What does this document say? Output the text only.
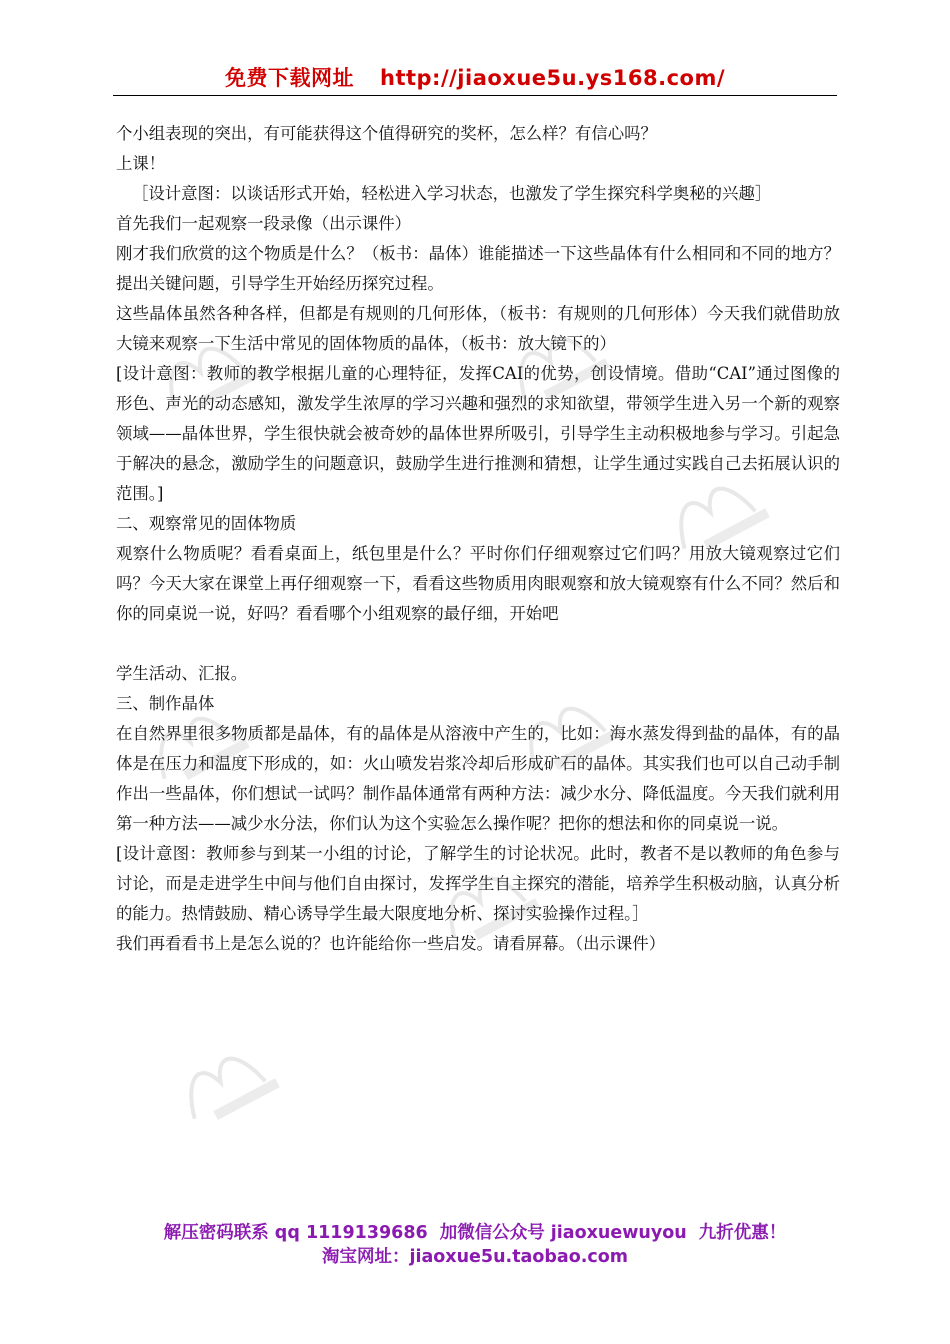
免费下载网址 http://jiaoxue5u.ys168.com/

个小组表现的突出，有可能获得这个值得研究的奖杯，怎么样？有信心吗？

上课！

［设计意图：以谈话形式开始，轻松进入学习状态，也激发了学生探究科学奥秘的兴趣］

首先我们一起观察一段录像（出示课件）

刚才我们欣赏的这个物质是什么？（板书：晶体）谁能描述一下这些晶体有什么相同和不同的地方？提出关键问题，引导学生开始经历探究过程。

这些晶体虽然各种各样，但都是有规则的几何形体，（板书：有规则的几何形体）今天我们就借助放大镜来观察一下生活中常见的固体物质的晶体，（板书：放大镜下的）

[设计意图：教师的教学根据儿童的心理特征，发挥CAI的优势，创设情境。借助“CAI”通过图像的形色、声光的动态感知，激发学生浓厚的学习兴趣和强烈的求知欲望，带领学生进入另一个新的观察领域——晶体世界，学生很快就会被奇妙的晶体世界所吸引，引导学生主动积极地参与学习。引起急于解决的悬念，激励学生的问题意识，鼓励学生进行推测和猜想，让学生通过实践自己去拓展认识的范围。]

二、观察常见的固体物质

观察什么物质呢？看看桌面上，纸包里是什么？平时你们仔细观察过它们吗？用放大镜观察过它们吗？今天大家在课堂上再仔细观察一下，看看这些物质用肉眼观察和放大镜观察有什么不同？然后和你的同桌说一说，好吗？看看哪个小组观察的最仔细，开始吧

学生活动、汇报。

三、制作晶体

在自然界里很多物质都是晶体，有的晶体是从溶液中产生的，比如：海水蒸发得到盐的晶体，有的晶体是在压力和温度下形成的，如：火山喷发岩浆冷却后形成矿石的晶体。其实我们也可以自己动手制作出一些晶体，你们想试一试吗？制作晶体通常有两种方法：减少水分、降低温度。今天我们就利用第一种方法——减少水分法，你们认为这个实验怎么操作呢？把你的想法和你的同桌说一说。

[设计意图：教师参与到某一小组的讨论，了解学生的讨论状况。此时，教者不是以教师的角色参与讨论，而是走进学生中间与他们自由探讨，发挥学生自主探究的潜能，培养学生积极动脑，认真分析的能力。热情鼓励、精心诱导学生最大限度地分析、探讨实验操作过程。］

我们再看看书上是怎么说的？也许能给你一些启发。请看屏幕。（出示课件）

解压密码联系 qq 1119139686 加微信公众号 jiaoxuewuyou 九折优惠！
淘宝网址：jiaoxue5u.taobao.com
